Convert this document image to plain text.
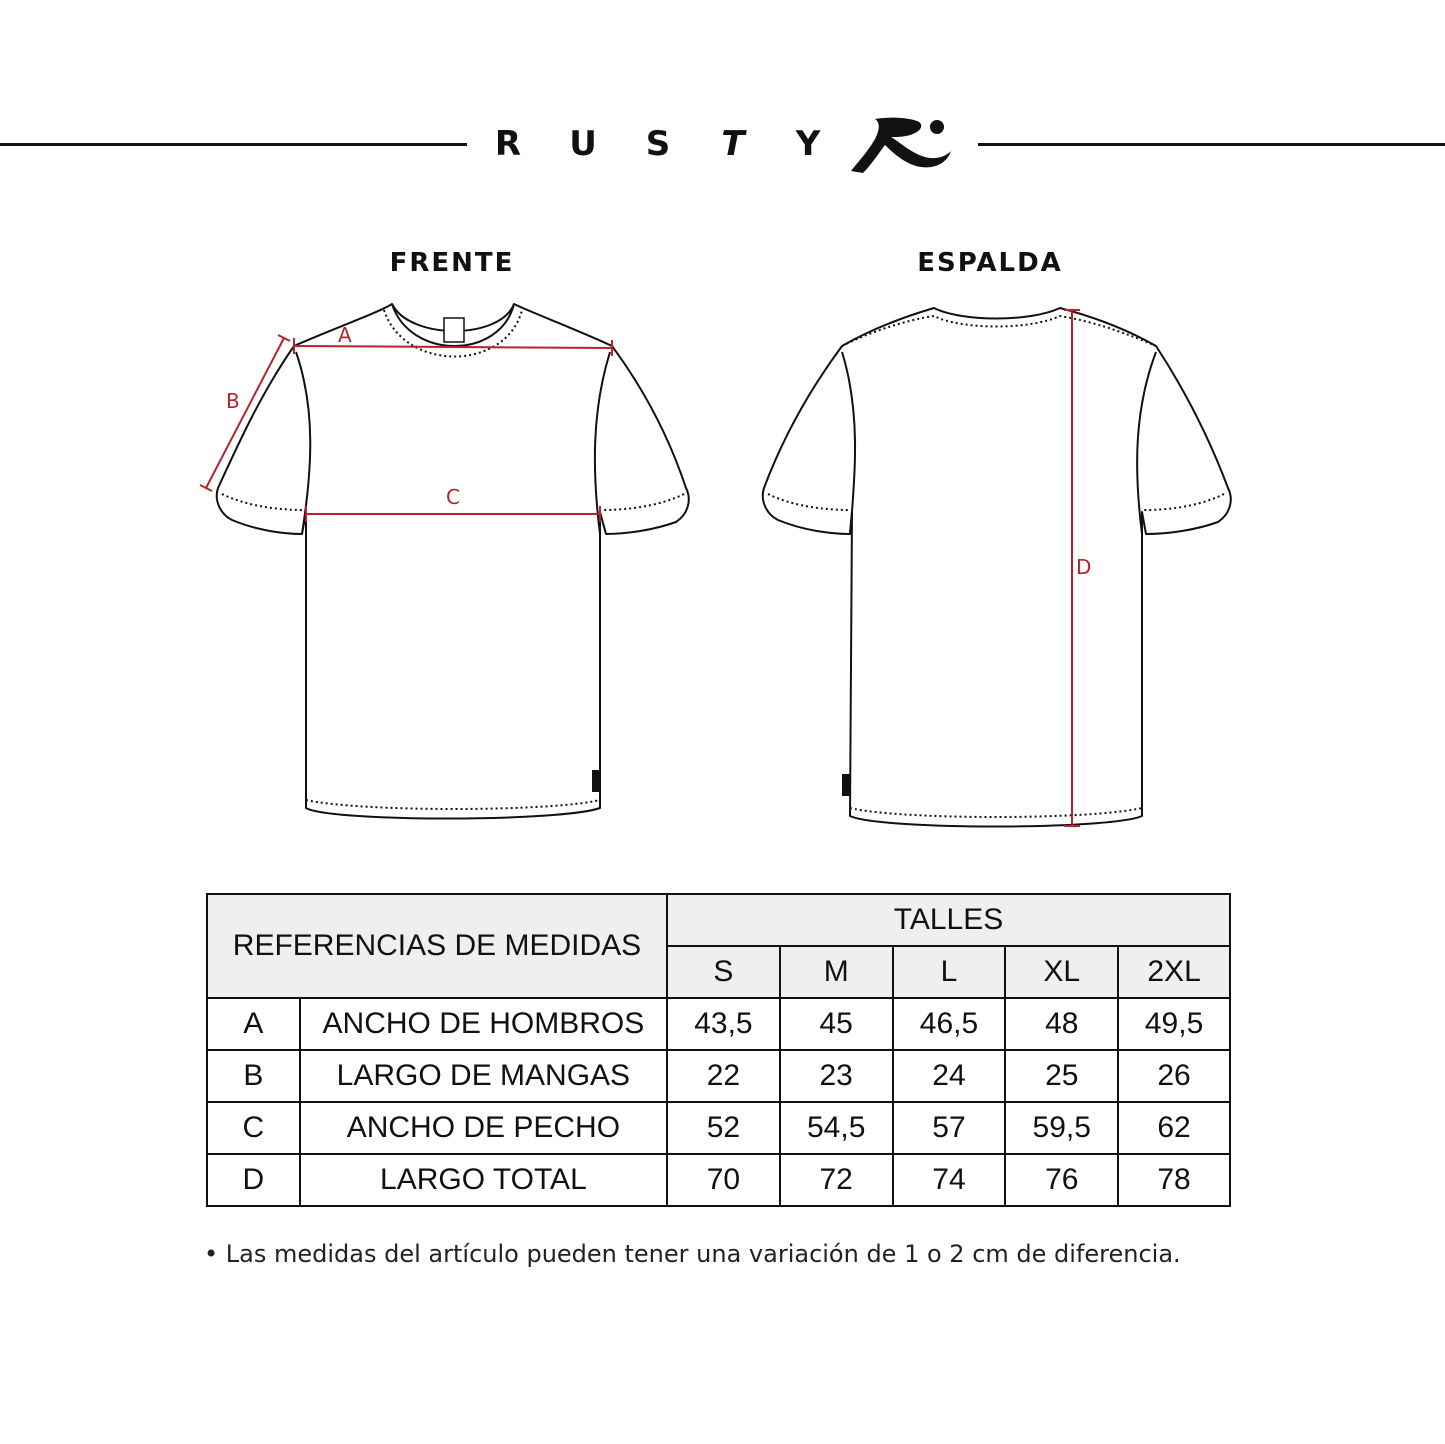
R U S T Y
FRENTE	ESPALDA
A
B
C
D
REFERENCIAS DE MEDIDAS		TALLES				
		S	M	L	XL	2XL
A	ANCHO DE HOMBROS	43,5	45	46,5	48	49,5
B	LARGO DE MANGAS	22	23	24	25	26
C	ANCHO DE PECHO	52	54,5	57	59,5	62
D	LARGO TOTAL	70	72	74	76	78
• Las medidas del artículo pueden tener una variación de 1 o 2 cm de diferencia.
